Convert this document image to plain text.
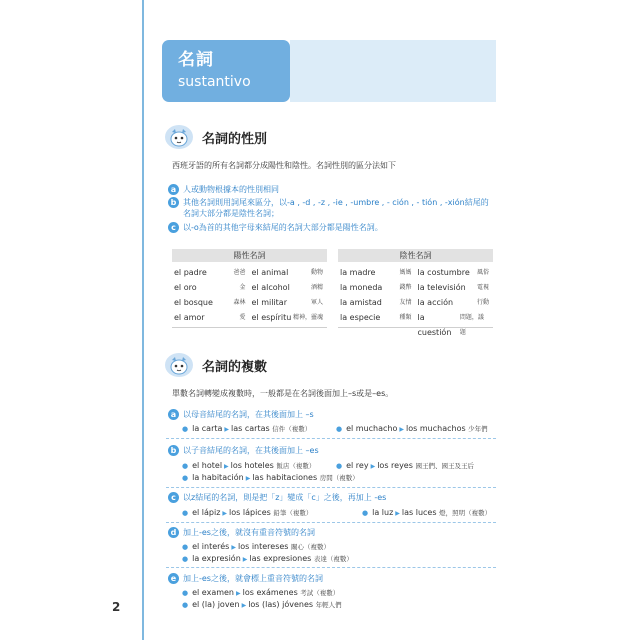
2
名詞
sustantivo
名詞的性別
西班牙語的所有名詞都分成陽性和陰性。名詞性別的區分法如下
a 人或動物根據本的性別相同
b 其他名詞則用詞尾來區分，以-a , -d , -z , -ie , -umbre , - ción , - tión , -xión結尾的
名詞大部分都是陰性名詞；
c 以-o為首的其他字母來結尾的名詞大部分都是陽性名詞。
陽性名詞
el padre	爸爸 el animal	動物
el oro	金 el alcohol	酒精
el bosque	森林 el militar	軍人
el amor	愛 el espíritu 精神，靈魂
陰性名詞
la madre	媽媽 la costumbre 風俗
la moneda	錢幣 la televisión 電視
la amistad	友情 la acción	行動
la especie	種類 la cuestión
問題，議題
名詞的複數
單數名詞轉變成複數時，一般都是在名詞後面加上–s或是–es。
a 以母音結尾的名詞，在其後面加上 –s
● la carta ▶ las cartas 信件（複數）	● el muchacho ▶ los muchachos 少年們
b 以子音結尾的名詞，在其後面加上 –es
● el hotel ▶ los hoteles 飯店（複數）	● el rey ▶ los reyes 國王們、國王及王后
● la habitación ▶ las habitaciones 房間（複數）
c 以z結尾的名詞，則是把「z」變成「c」之後，再加上 -es
● el lápiz ▶ los lápices 鉛筆（複數）	● la luz ▶ las luces 燈，照明（複數）
d 加上-es之後，就沒有重音符號的名詞
● el interés ▶ los intereses 關心（複數）
● la expresión ▶ las expresiones 表達（複數）
e 加上-es之後，就會標上重音符號的名詞
● el examen ▶ los exámenes 考試（複數）
● el (la) joven ▶ los (las) jóvenes 年輕人們
